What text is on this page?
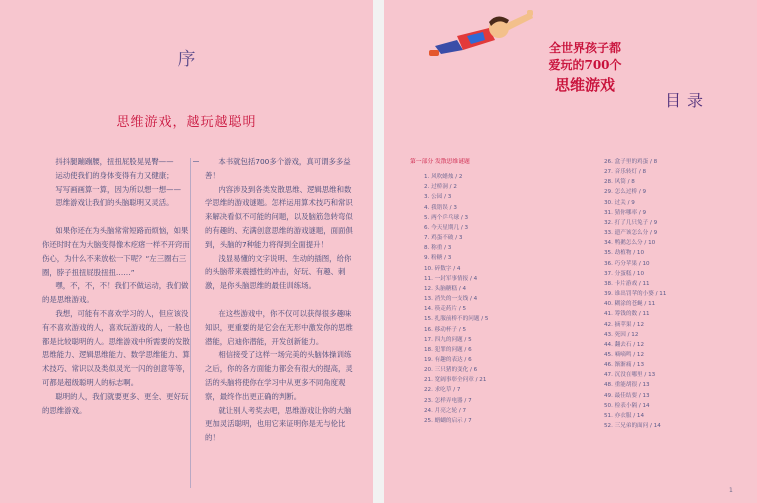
序
思维游戏，越玩越聪明

抖抖腿蹦蹦腰，扭扭屁股晃晃臀——

运动使我们的身体变得有力又健康；

写写画画算一算，因为所以想一想——

思维游戏让我们的头脑聪明又灵活。

如果你还在为头脑常常短路而烦恼，如果你还时时在为大脑变得像木疙瘩一样不开窍而伤心，为什么不来放松一下呢？“左三圈右三圈，脖子扭扭屁股扭扭……”

嘿，不，不，不！我们不做运动，我们做的是思维游戏。

我想，可能有不喜欢学习的人，但应该没有不喜欢游戏的人，喜欢玩游戏的人，一般也都是比较聪明的人。思维游戏中所需要的发散思维能力、逻辑思维能力、数学思维能力、算术技巧、常识以及类似灵光一闪的创意等等，可都是超级聪明人的标志啊。

聪明的人，我们就要更多、更全、更好玩的思维游戏。

本书就包括700多个游戏，真可谓多多益善！

内容涉及到各类发散思维、逻辑思维和数学思维的游戏谜题。怎样运用算术技巧和常识来解决看似不可能的问题，以及脑筋急转弯似的有趣的、充满创意思维的游戏谜题，面面俱到，头脑的7种能力将得到全面提升！

浅显易懂的文字说明、生动的插图，给你的头脑带来震撼性的冲击，好玩、有趣、刺激，是你头脑思维的最佳训练场。

在这些游戏中，你不仅可以获得很多趣味知识，更重要的是它会在无形中激发你的思维潜能，启迪你潜能，开发创新能力。

相信接受了这样一场完美的头脑体操训练之后，你的各方面能力都会有很大的提高，灵活的头脑将使你在学习中从更多不同角度观察，最终作出更正确的判断。

就让别人考奖去吧，思维游戏让你的大脑更加灵活聪明，也用它来证明你是无与伦比的！

全世界孩子都
爱玩的700个
思维游戏
目录
第一部分 发散思维谜题
1. 风吹蜡烛 / 2
2. 过桥洞 / 2
3. 公园 / 3
4. 我错误 / 3
5. 两个乒乓球 / 3
6. 今天星期几 / 3
7. 鸡蛋不破 / 3
8. 称重 / 3
9. 粉糖 / 3
10. 碎数字 / 4
11. 一封军事情报 / 4
12. 头脑糖糕 / 4
13. 消失的一支线 / 4
14. 筷走药片 / 5
15. 扎服前桥不的问题 / 5
16. 移动杯子 / 5
17. 四九的问题 / 5
18. 犯罪的问题 / 6
19. 有趣的表达 / 6
20. 三只猪的变化 / 6
21. 宽阔事彰全问章 / 21
22. 求吃草 / 7
23. 怎样弄电器 / 7
24. 月亮之轮 / 7
25. 蜡蝴的启示 / 7
26. 盒子里的鸡蛋 / 8
27. 音乐转灯 / 8
28. 风筒 / 8
29. 怎么过桥 / 9
30. 过关 / 9
31. 猜你哪率 / 9
32. 打了几只兔子 / 9
33. 遗产该怎么分 / 9
34. 鸭鹅怎么分 / 10
35. 劫植物 / 10
36. 巧分苹果 / 10
37. 分蛋糕 / 10
38. 卡片游戏 / 11
39. 谁出罚苹的小婆 / 11
40. 糊涂的苍蝇 / 11
41. 筹钱的数 / 11
42. 摘苹果 / 12
43. 死因 / 12
44. 翻去石 / 12
45. 嘀嘀鸣 / 12
46. 渐渐痛 / 13
47. 沉没在哪里 / 13
48. 重能胡很 / 13
49. 最佳结要 / 13
50. 检表小隔 / 14
51. 亦衣服 / 14
52. 三兄弟的面问 / 14
1
